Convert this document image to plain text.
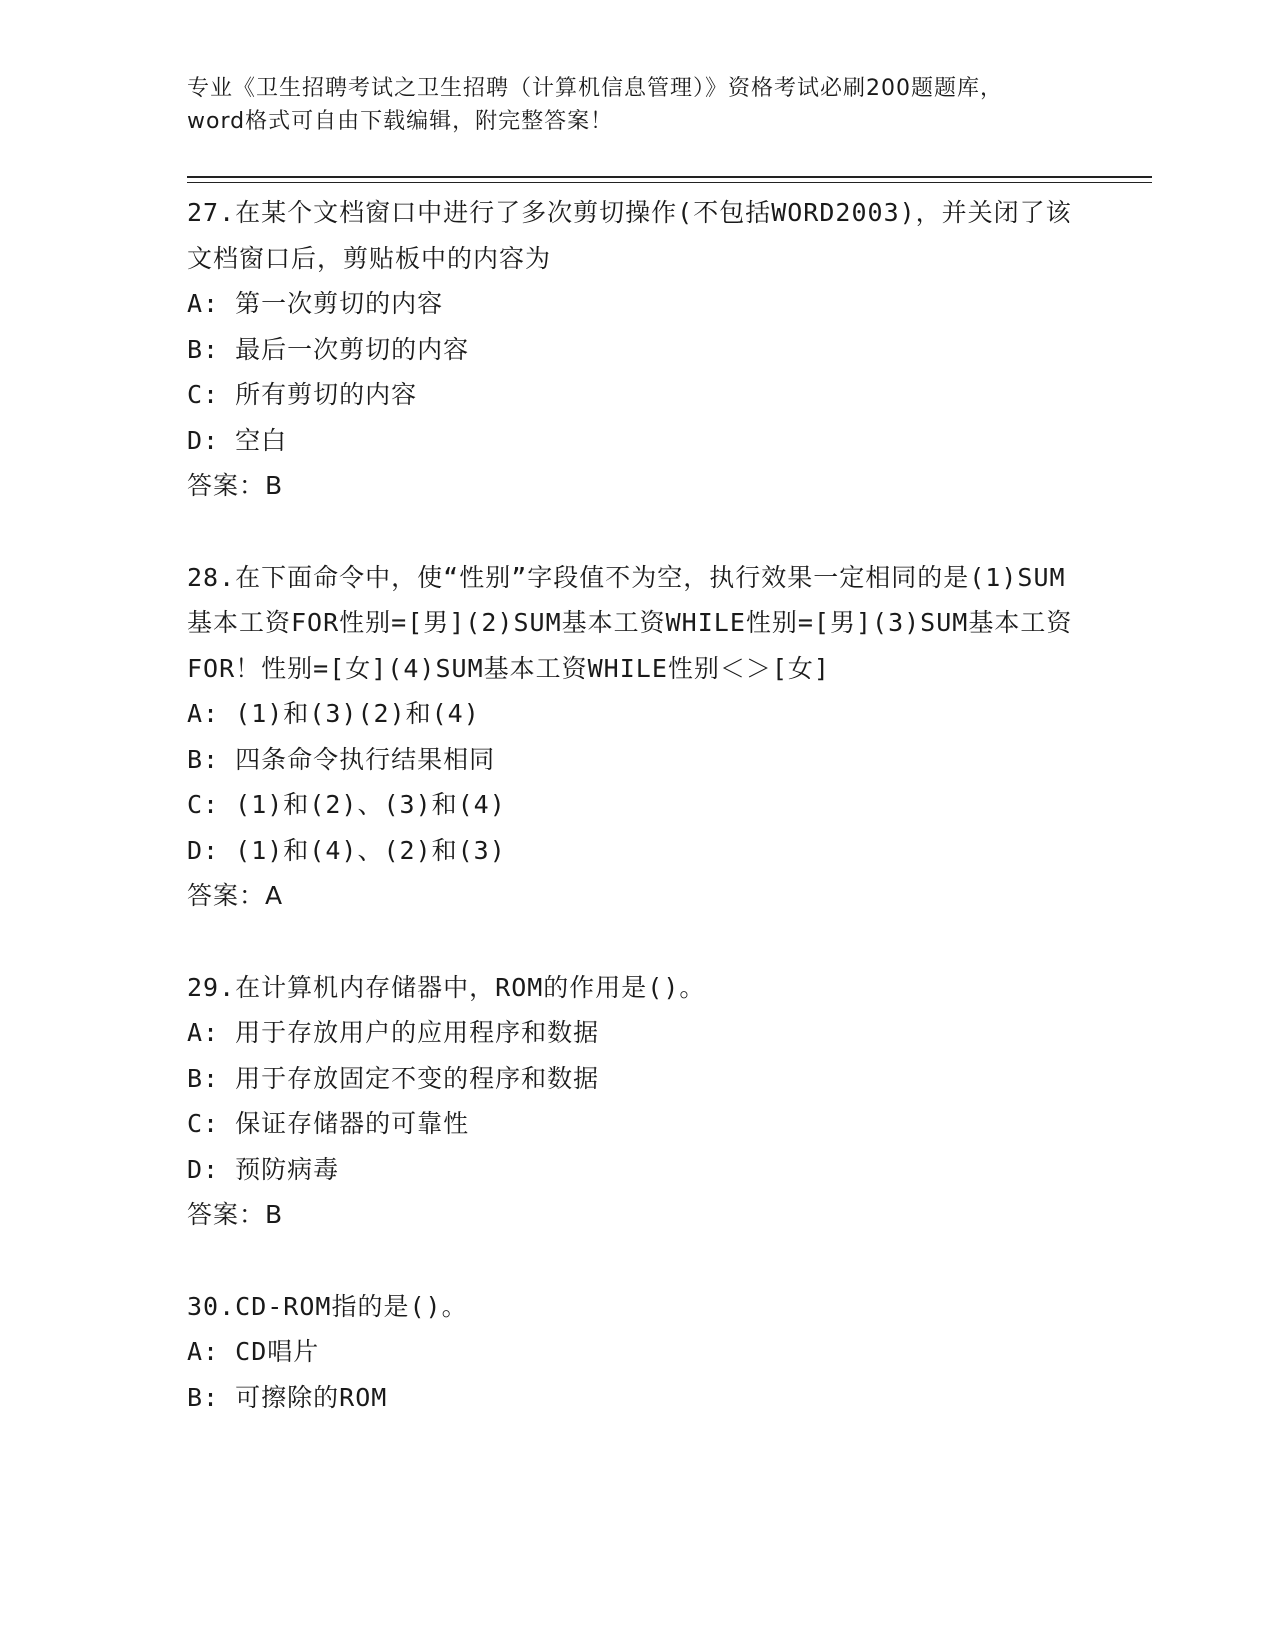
专业《卫生招聘考试之卫生招聘（计算机信息管理）》资格考试必刷200题题库，
word格式可自由下载编辑，附完整答案！

27.在某个文档窗口中进行了多次剪切操作(不包括WORD2003)，并关闭了该文档窗口后，剪贴板中的内容为

A: 第一次剪切的内容

B: 最后一次剪切的内容

C: 所有剪切的内容

D: 空白

答案：B

28.在下面命令中，使“性别”字段值不为空，执行效果一定相同的是(1)SUM基本工资FOR性别=[男](2)SUM基本工资WHILE性别=[男](3)SUM基本工资FOR！性别=[女](4)SUM基本工资WHILE性别＜＞[女]

A: (1)和(3)(2)和(4)

B: 四条命令执行结果相同

C: (1)和(2)、(3)和(4)

D: (1)和(4)、(2)和(3)

答案：A

29.在计算机内存储器中，ROM的作用是()。

A: 用于存放用户的应用程序和数据

B: 用于存放固定不变的程序和数据

C: 保证存储器的可靠性

D: 预防病毒

答案：B

30.CD-ROM指的是()。

A: CD唱片

B: 可擦除的ROM
